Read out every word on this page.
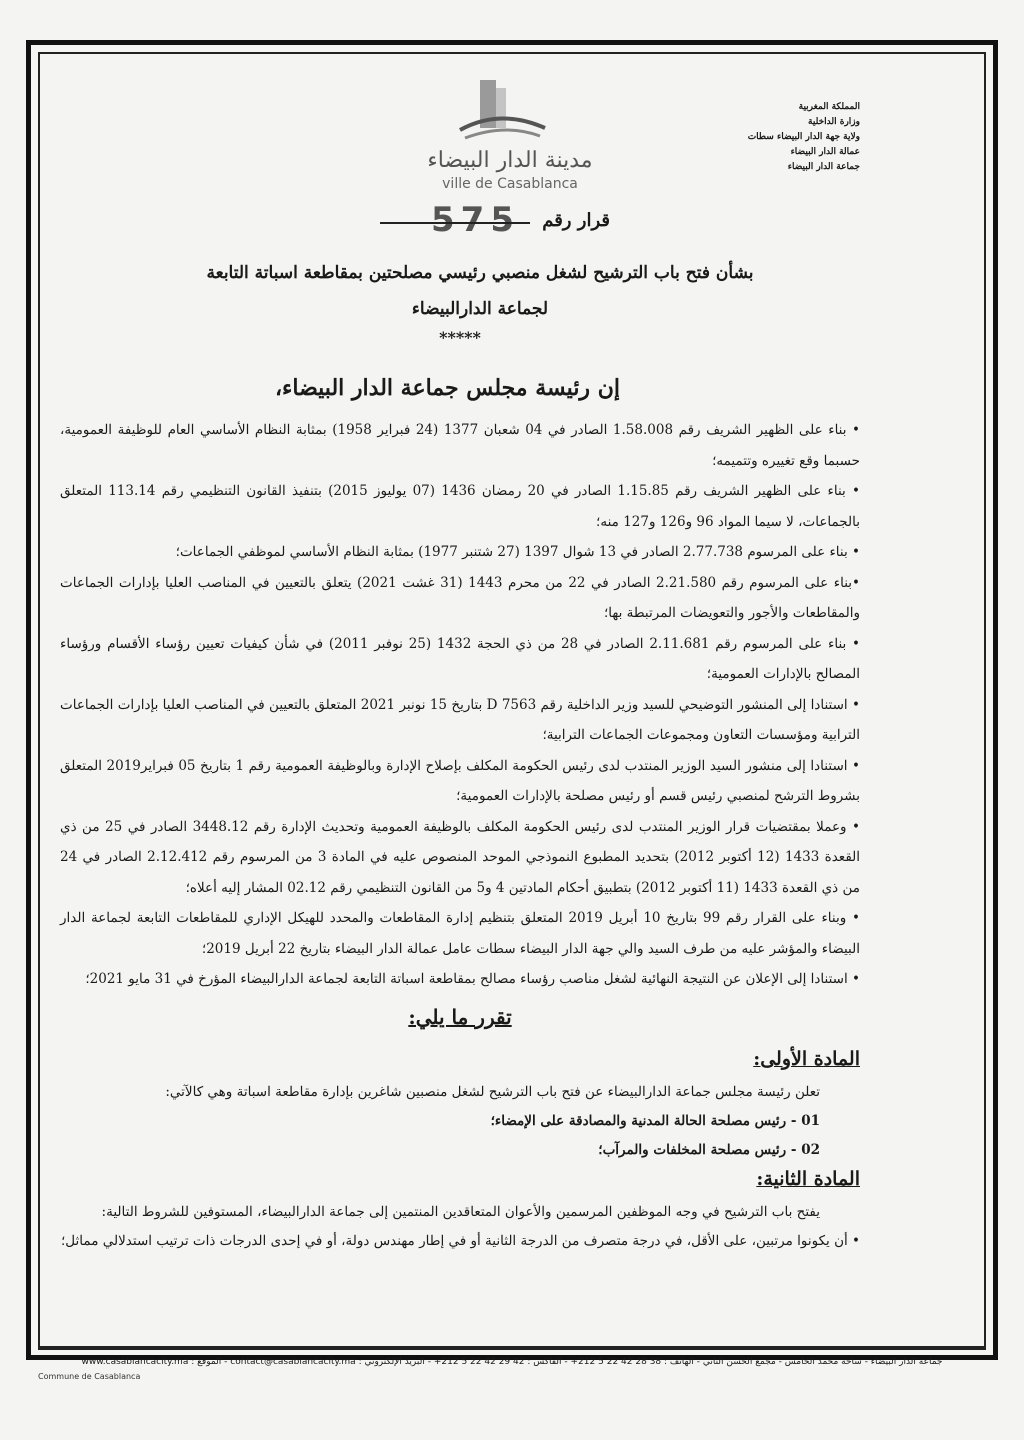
المملكة المغربية
وزارة الداخلية
ولاية جهة الدار البيضاء سطات
عمالة الدار البيضاء
جماعة الدار البيضاء
مدينة الدار البيضاء
ville de Casablanca
قرار رقم
575
بشأن فتح باب الترشيح لشغل منصبي رئيسي مصلحتين بمقاطعة اسباتة التابعة
لجماعة الدارالبيضاء
*****
إن رئيسة مجلس جماعة الدار البيضاء،

• بناء على الظهير الشريف رقم 1.58.008 الصادر في 04 شعبان 1377 (24 فبراير 1958) بمثابة النظام الأساسي العام للوظيفة العمومية، حسبما وقع تغييره وتتميمه؛

• بناء على الظهير الشريف رقم 1.15.85 الصادر في 20 رمضان 1436 (07 يوليوز 2015) بتنفيذ القانون التنظيمي رقم 113.14 المتعلق بالجماعات، لا سيما المواد 96 و126 و127 منه؛

• بناء على المرسوم 2.77.738 الصادر في 13 شوال 1397 (27 شتنبر 1977) بمثابة النظام الأساسي لموظفي الجماعات؛

•بناء على المرسوم رقم 2.21.580 الصادر في 22 من محرم 1443 (31 غشت 2021) يتعلق بالتعيين في المناصب العليا بإدارات الجماعات والمقاطعات والأجور والتعويضات المرتبطة بها؛

• بناء على المرسوم رقم 2.11.681 الصادر في 28 من ذي الحجة 1432 (25 نوفبر 2011) في شأن كيفيات تعيين رؤساء الأقسام ورؤساء المصالح بالإدارات العمومية؛

• استنادا إلى المنشور التوضيحي للسيد وزير الداخلية رقم D 7563 بتاريخ 15 نونبر 2021 المتعلق بالتعيين في المناصب العليا بإدارات الجماعات الترابية ومؤسسات التعاون ومجموعات الجماعات الترابية؛

• استنادا إلى منشور السيد الوزير المنتدب لدى رئيس الحكومة المكلف بإصلاح الإدارة وبالوظيفة العمومية رقم 1 بتاريخ 05 فبراير2019 المتعلق بشروط الترشح لمنصبي رئيس قسم أو رئيس مصلحة بالإدارات العمومية؛

• وعملا بمقتضيات قرار الوزير المنتدب لدى رئيس الحكومة المكلف بالوظيفة العمومية وتحديث الإدارة رقم 3448.12 الصادر في 25 من ذي القعدة 1433 (12 أكتوبر 2012) بتحديد المطبوع النموذجي الموحد المنصوص عليه في المادة 3 من المرسوم رقم 2.12.412 الصادر في 24 من ذي القعدة 1433 (11 أكتوبر 2012) بتطبيق أحكام المادتين 4 و5 من القانون التنظيمي رقم 02.12 المشار إليه أعلاه؛

• وبناء على القرار رقم 99 بتاريخ 10 أبريل 2019 المتعلق بتنظيم إدارة المقاطعات والمحدد للهيكل الإداري للمقاطعات التابعة لجماعة الدار البيضاء والمؤشر عليه من طرف السيد والي جهة الدار البيضاء سطات عامل عمالة الدار البيضاء بتاريخ 22 أبريل 2019؛

• استنادا إلى الإعلان عن النتيجة النهائية لشغل مناصب رؤساء مصالح بمقاطعة اسباتة التابعة لجماعة الدارالبيضاء المؤرخ في 31 مايو 2021؛

تقرر ما يلي:
المادة الأولى:

تعلن رئيسة مجلس جماعة الدارالبيضاء عن فتح باب الترشيح لشغل منصبين شاغرين بإدارة مقاطعة اسباتة وهي كالآتي:

01 - رئيس مصلحة الحالة المدنية والمصادقة على الإمضاء؛

02 - رئيس مصلحة المخلفات والمرآب؛

المادة الثانية:

يفتح باب الترشيح في وجه الموظفين المرسمين والأعوان المتعاقدين المنتمين إلى جماعة الدارالبيضاء، المستوفين للشروط التالية:

• أن يكونوا مرتبين، على الأقل، في درجة متصرف من الدرجة الثانية أو في إطار مهندس دولة، أو في إحدى الدرجات ذات ترتيب استدلالي مماثل؛

جماعة الدار البيضاء - ساحة محمد الخامس - مجمع الحسن الثاني - الهاتف : 38 28 42 22 5 212+ - الفاكس : 42 29 42 22 5 212+ - البريد الإلكتروني : contact@casablancacity.ma - الموقع : www.casablancacity.ma
Commune de Casablanca
